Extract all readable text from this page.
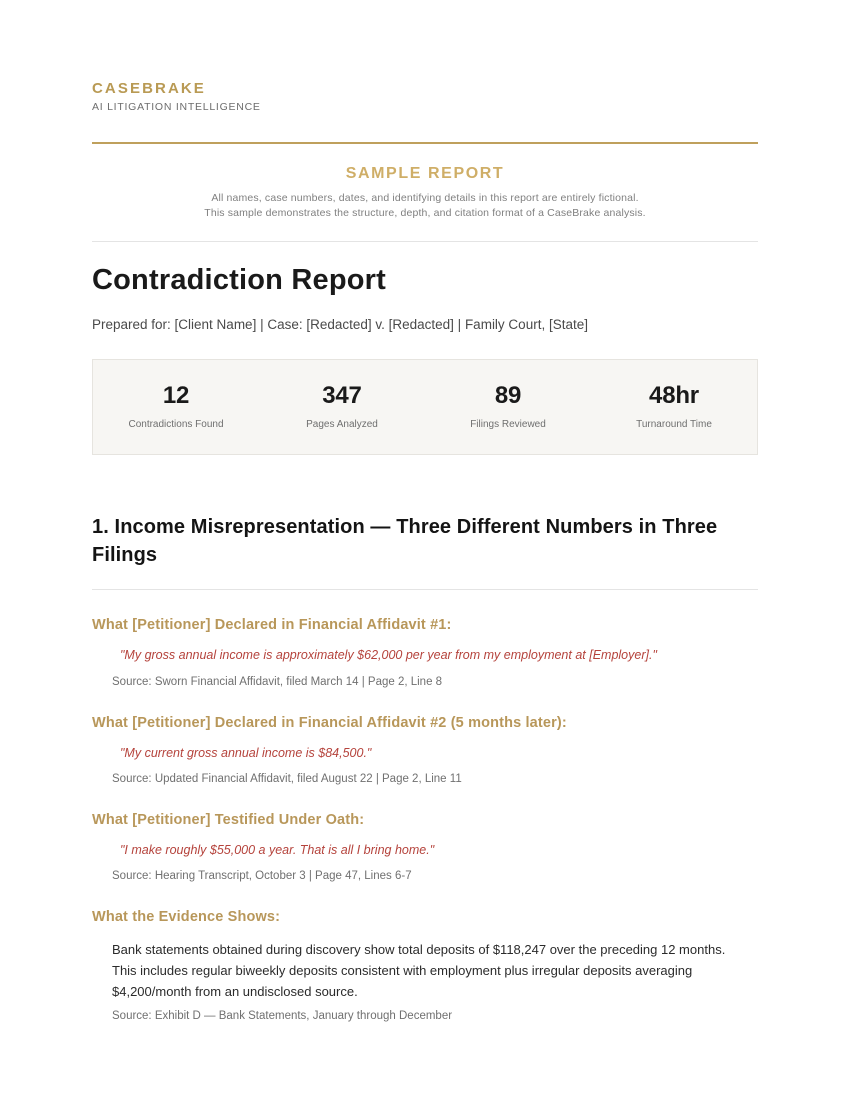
CASEBRAKE
AI LITIGATION INTELLIGENCE
SAMPLE REPORT
All names, case numbers, dates, and identifying details in this report are entirely fictional.
This sample demonstrates the structure, depth, and citation format of a CaseBrake analysis.
Contradiction Report
Prepared for: [Client Name] | Case: [Redacted] v. [Redacted] | Family Court, [State]
12
Contradictions Found
347
Pages Analyzed
89
Filings Reviewed
48hr
Turnaround Time
1. Income Misrepresentation — Three Different Numbers in Three Filings
What [Petitioner] Declared in Financial Affidavit #1:
"My gross annual income is approximately $62,000 per year from my employment at [Employer]."
Source: Sworn Financial Affidavit, filed March 14 | Page 2, Line 8
What [Petitioner] Declared in Financial Affidavit #2 (5 months later):
"My current gross annual income is $84,500."
Source: Updated Financial Affidavit, filed August 22 | Page 2, Line 11
What [Petitioner] Testified Under Oath:
"I make roughly $55,000 a year. That is all I bring home."
Source: Hearing Transcript, October 3 | Page 47, Lines 6-7
What the Evidence Shows:
Bank statements obtained during discovery show total deposits of $118,247 over the preceding 12 months. This includes regular biweekly deposits consistent with employment plus irregular deposits averaging $4,200/month from an undisclosed source.
Source: Exhibit D — Bank Statements, January through December
